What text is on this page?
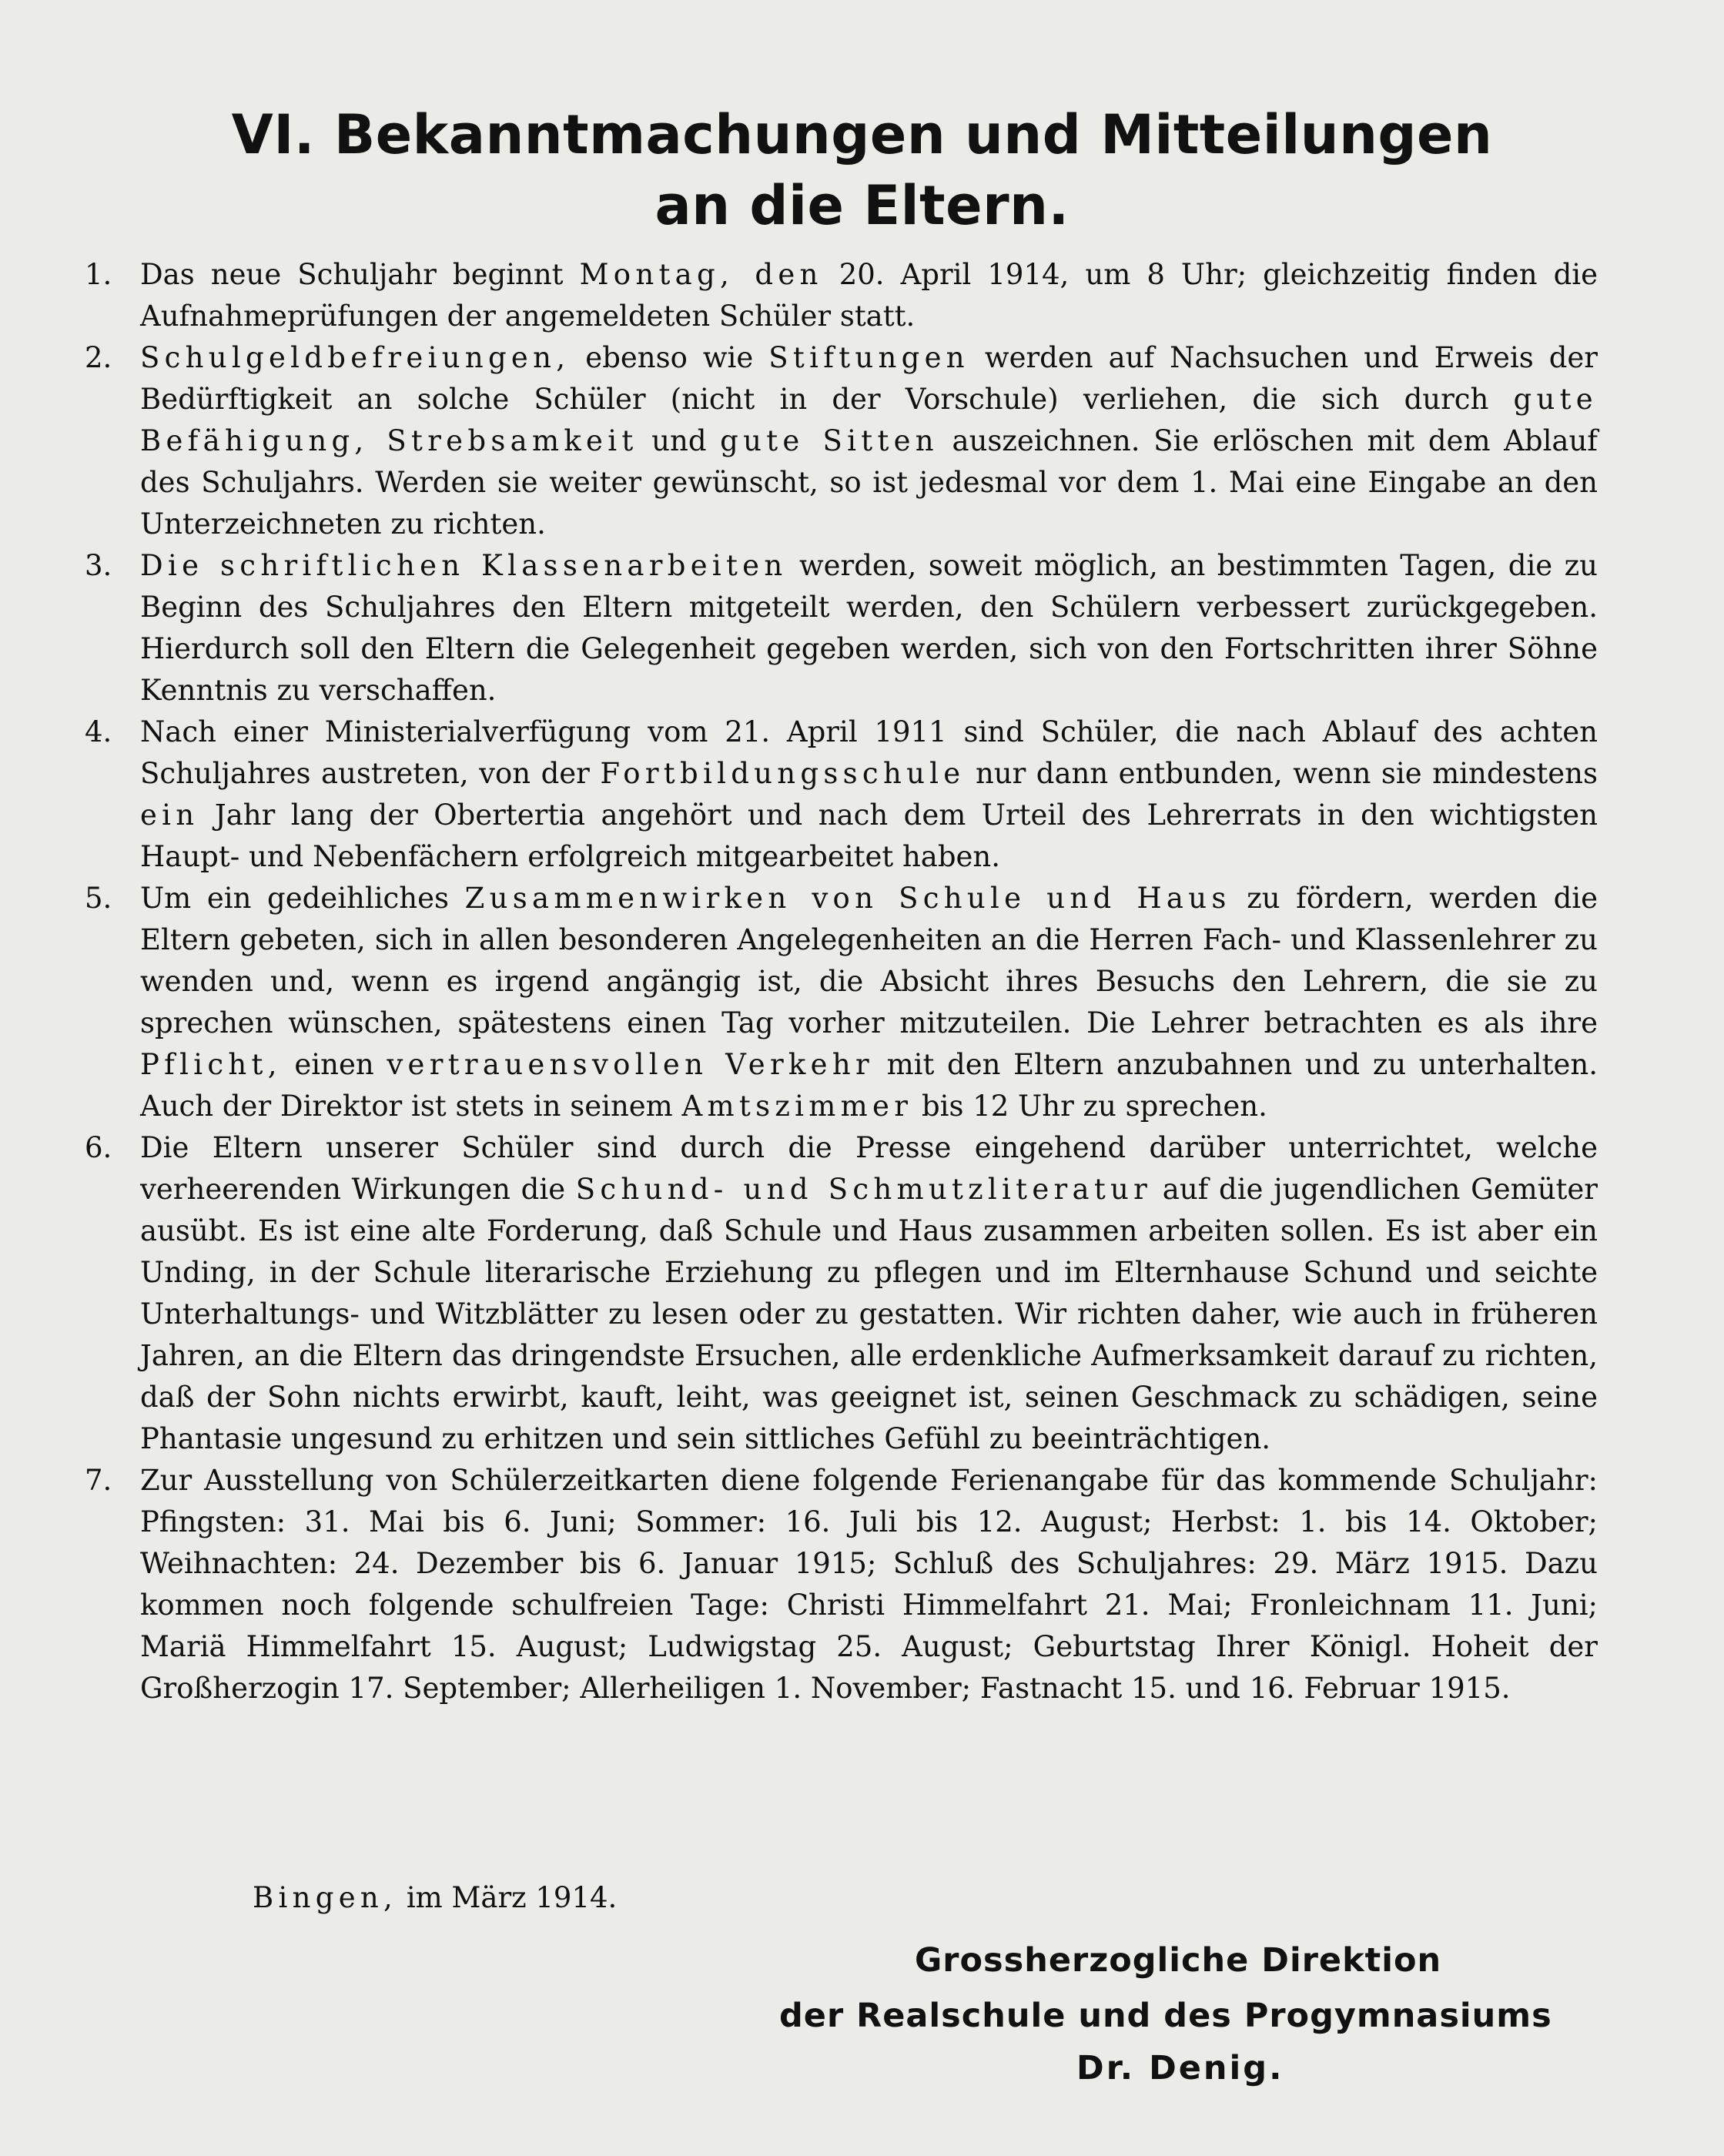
VI. Bekanntmachungen und Mitteilungen
an die Eltern.
1. Das neue Schuljahr beginnt Montag, den 20. April 1914, um 8 Uhr; gleichzeitig finden die Aufnahmeprüfungen der angemeldeten Schüler statt.
2. Schulgeldbefreiungen, ebenso wie Stiftungen werden auf Nachsuchen und Erweis der Bedürftigkeit an solche Schüler (nicht in der Vorschule) verliehen, die sich durch gute Befähigung, Strebsamkeit und gute Sitten auszeichnen. Sie erlöschen mit dem Ablauf des Schuljahrs. Werden sie weiter gewünscht, so ist jedesmal vor dem 1. Mai eine Eingabe an den Unterzeichneten zu richten.
3. Die schriftlichen Klassenarbeiten werden, soweit möglich, an bestimmten Tagen, die zu Beginn des Schuljahres den Eltern mitgeteilt werden, den Schülern verbessert zurückgegeben. Hierdurch soll den Eltern die Gelegenheit gegeben werden, sich von den Fortschritten ihrer Söhne Kenntnis zu verschaffen.
4. Nach einer Ministerialverfügung vom 21. April 1911 sind Schüler, die nach Ablauf des achten Schuljahres austreten, von der Fortbildungsschule nur dann entbunden, wenn sie mindestens ein Jahr lang der Obertertia angehört und nach dem Urteil des Lehrerrats in den wichtigsten Haupt- und Nebenfächern erfolgreich mitgearbeitet haben.
5. Um ein gedeihliches Zusammenwirken von Schule und Haus zu fördern, werden die Eltern gebeten, sich in allen besonderen Angelegenheiten an die Herren Fach- und Klassenlehrer zu wenden und, wenn es irgend angängig ist, die Absicht ihres Besuchs den Lehrern, die sie zu sprechen wünschen, spätestens einen Tag vorher mitzuteilen. Die Lehrer betrachten es als ihre Pflicht, einen vertrauensvollen Verkehr mit den Eltern anzubahnen und zu unterhalten. Auch der Direktor ist stets in seinem Amtszimmer bis 12 Uhr zu sprechen.
6. Die Eltern unserer Schüler sind durch die Presse eingehend darüber unterrichtet, welche verheerenden Wirkungen die Schund- und Schmutzliteratur auf die jugendlichen Gemüter ausübt. Es ist eine alte Forderung, daß Schule und Haus zusammen arbeiten sollen. Es ist aber ein Unding, in der Schule literarische Erziehung zu pflegen und im Elternhause Schund und seichte Unterhaltungs- und Witzblätter zu lesen oder zu gestatten. Wir richten daher, wie auch in früheren Jahren, an die Eltern das dringendste Ersuchen, alle erdenkliche Aufmerksamkeit darauf zu richten, daß der Sohn nichts erwirbt, kauft, leiht, was geeignet ist, seinen Geschmack zu schädigen, seine Phantasie ungesund zu erhitzen und sein sittliches Gefühl zu beeinträchtigen.
7. Zur Ausstellung von Schülerzeitkarten diene folgende Ferienangabe für das kommende Schuljahr: Pfingsten: 31. Mai bis 6. Juni; Sommer: 16. Juli bis 12. August; Herbst: 1. bis 14. Oktober; Weihnachten: 24. Dezember bis 6. Januar 1915; Schluß des Schuljahres: 29. März 1915. Dazu kommen noch folgende schulfreien Tage: Christi Himmelfahrt 21. Mai; Fronleichnam 11. Juni; Mariä Himmelfahrt 15. August; Ludwigstag 25. August; Geburtstag Ihrer Königl. Hoheit der Großherzogin 17. September; Allerheiligen 1. November; Fastnacht 15. und 16. Februar 1915.
Bingen, im März 1914.
Grossherzogliche Direktion
der Realschule und des Progymnasiums
Dr. Denig.
